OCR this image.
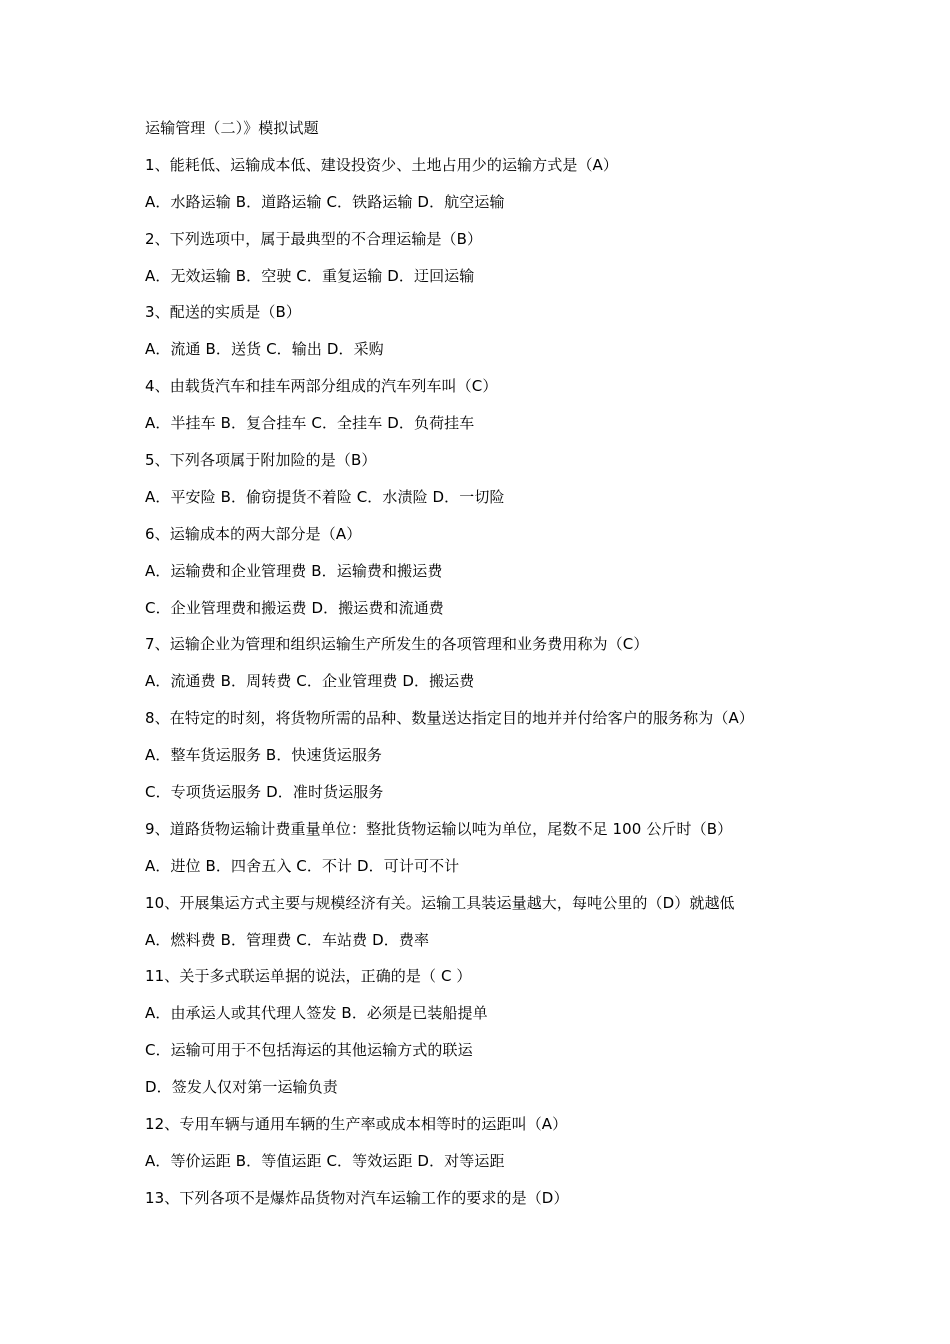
运输管理（二）》模拟试题
1、能耗低、运输成本低、建设投资少、土地占用少的运输方式是（A）
A．水路运输 B．道路运输 C．铁路运输 D．航空运输
2、下列选项中，属于最典型的不合理运输是（B）
A．无效运输 B．空驶 C．重复运输 D．迂回运输
3、配送的实质是（B）
A．流通 B．送货 C．输出 D．采购
4、由载货汽车和挂车两部分组成的汽车列车叫（C）
A．半挂车 B．复合挂车 C．全挂车 D．负荷挂车
5、下列各项属于附加险的是（B）
A．平安险 B．偷窃提货不着险 C．水渍险 D．一切险
6、运输成本的两大部分是（A）
A．运输费和企业管理费 B．运输费和搬运费
C．企业管理费和搬运费 D．搬运费和流通费
7、运输企业为管理和组织运输生产所发生的各项管理和业务费用称为（C）
A．流通费 B．周转费 C．企业管理费 D．搬运费
8、在特定的时刻，将货物所需的品种、数量送达指定目的地并并付给客户的服务称为（A）
A．整车货运服务 B．快速货运服务
C．专项货运服务 D．准时货运服务
9、道路货物运输计费重量单位：整批货物运输以吨为单位，尾数不足 100 公斤时（B）
A．进位 B．四舍五入 C．不计 D．可计可不计
10、开展集运方式主要与规模经济有关。运输工具装运量越大，每吨公里的（D）就越低
A．燃料费 B．管理费 C．车站费 D．费率
11、关于多式联运单据的说法，正确的是（ C ）
A．由承运人或其代理人签发 B．必须是已装船提单
C．运输可用于不包括海运的其他运输方式的联运
D．签发人仅对第一运输负责
12、专用车辆与通用车辆的生产率或成本相等时的运距叫（A）
A．等价运距 B．等值运距 C．等效运距 D．对等运距
13、下列各项不是爆炸品货物对汽车运输工作的要求的是（D）
